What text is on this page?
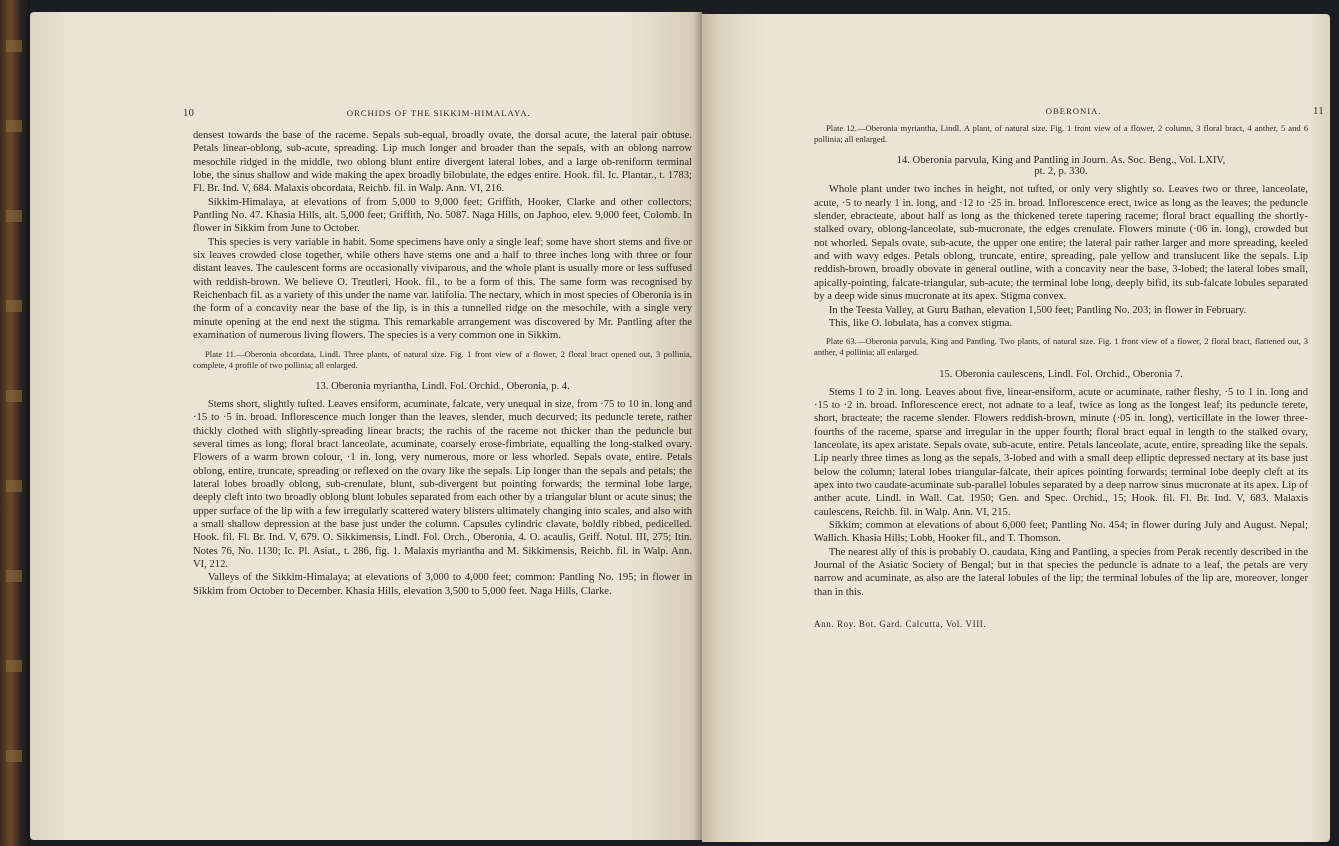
10	ORCHIDS OF THE SIKKIM-HIMALAYA.

densest towards the base of the raceme. Sepals sub-equal, broadly ovate, the dorsal acute, the lateral pair obtuse. Petals linear-oblong, sub-acute, spreading. Lip much longer and broader than the sepals, with an oblong narrow mesochile ridged in the middle, two oblong blunt entire divergent lateral lobes, and a large ob-reniform terminal lobe, the sinus shallow and wide making the apex broadly bilobulate, the edges entire. Hook. fil. Ic. Plantar., t. 1783; Fl. Br. Ind. V, 684. Malaxis obcordata, Reichb. fil. in Walp. Ann. VI, 216.

Sikkim-Himalaya, at elevations of from 5,000 to 9,000 feet; Griffith, Hooker, Clarke and other collectors; Pantling No. 47. Khasia Hills, alt. 5,000 feet; Griffith, No. 5087. Naga Hills, on Japhoo, elev. 9,000 feet, Colomb. In flower in Sikkim from June to October.

This species is very variable in habit. Some specimens have only a single leaf; some have short stems and five or six leaves crowded close together, while others have stems one and a half to three inches long with three or four distant leaves. The caulescent forms are occasionally viviparous, and the whole plant is usually more or less suffused with reddish-brown. We believe O. Treutleri, Hook. fil., to be a form of this. The same form was recognised by Reichenbach fil. as a variety of this under the name var. latifolia. The nectary, which in most species of Oberonia is in the form of a concavity near the base of the lip, is in this a tunnelled ridge on the mesochile, with a single very minute opening at the end next the stigma. This remarkable arrangement was discovered by Mr. Pantling after the examination of numerous living flowers. The species is a very common one in Sikkim.

Plate 11.—Oberonia obcordata, Lindl. Three plants, of natural size. Fig. 1 front view of a flower, 2 floral bract opened out, 3 pollinia, complete, 4 profile of two pollinia; all enlarged.

13. Oberonia myriantha, Lindl. Fol. Orchid., Oberonia, p. 4.

Stems short, slightly tufted. Leaves ensiform, acuminate, falcate, very unequal in size, from ·75 to 10 in. long and ·15 to ·5 in. broad. Inflorescence much longer than the leaves, slender, much decurved; its peduncle terete, rather thickly clothed with slightly-spreading linear bracts; the rachis of the raceme not thicker than the peduncle but several times as long; floral bract lanceolate, acuminate, coarsely erose-fimbriate, equalling the long-stalked ovary. Flowers of a warm brown colour, ·1 in. long, very numerous, more or less whorled. Sepals ovate, entire. Petals oblong, entire, truncate, spreading or reflexed on the ovary like the sepals. Lip longer than the sepals and petals; the lateral lobes broadly oblong, sub-crenulate, blunt, sub-divergent but pointing forwards; the terminal lobe large, deeply cleft into two broadly oblong blunt lobules separated from each other by a triangular blunt or acute sinus; the upper surface of the lip with a few irregularly scattered watery blisters ultimately changing into scales, and also with a small shallow depression at the base just under the column. Capsules cylindric clavate, boldly ribbed, pedicelled. Hook. fil. Fl. Br. Ind. V, 679. O. Sikkimensis, Lindl. Fol. Orch., Oberonia, 4. O. acaulis, Griff. Notul. III, 275; Itin. Notes 76, No. 1130; Ic. Pl. Asiat., t. 286, fig. 1. Malaxis myriantha and M. Sikkimensis, Reichb. fil. in Walp. Ann. VI, 212.

Valleys of the Sikkim-Himalaya; at elevations of 3,000 to 4,000 feet; common: Pantling No. 195; in flower in Sikkim from October to December. Khasia Hills, elevation 3,500 to 5,000 feet. Naga Hills, Clarke.

OBERONIA.	11

Plate 12.—Oberonia myriantha, Lindl. A plant, of natural size. Fig. 1 front view of a flower, 2 column, 3 floral bract, 4 anther, 5 and 6 pollinia; all enlarged.

14. Oberonia parvula, King and Pantling in Journ. As. Soc. Beng., Vol. LXIV,

pt. 2, p. 330.

Whole plant under two inches in height, not tufted, or only very slightly so. Leaves two or three, lanceolate, acute, ·5 to nearly 1 in. long, and ·12 to ·25 in. broad. Inflorescence erect, twice as long as the leaves; the peduncle slender, ebracteate, about half as long as the thickened terete tapering raceme; floral bract equalling the shortly-stalked ovary, oblong-lanceolate, sub-mucronate, the edges crenulate. Flowers minute (·06 in. long), crowded but not whorled. Sepals ovate, sub-acute, the upper one entire; the lateral pair rather larger and more spreading, keeled and with wavy edges. Petals oblong, truncate, entire, spreading, pale yellow and translucent like the sepals. Lip reddish-brown, broadly obovate in general outline, with a concavity near the base, 3-lobed; the lateral lobes small, apically-pointing, falcate-triangular, sub-acute; the terminal lobe long, deeply bifid, its sub-falcate lobules separated by a deep wide sinus mucronate at its apex. Stigma convex.

In the Teesta Valley, at Guru Bathan, elevation 1,500 feet; Pantling No. 203; in flower in February.

This, like O. lobulata, has a convex stigma.

Plate 63.—Oberonia parvula, King and Pantling. Two plants, of natural size. Fig. 1 front view of a flower, 2 floral bract, flattened out, 3 anther, 4 pollinia; all enlarged.

15. Oberonia caulescens, Lindl. Fol. Orchid., Oberonia 7.

Stems 1 to 2 in. long. Leaves about five, linear-ensiform, acute or acuminate, rather fleshy, ·5 to 1 in. long and ·15 to ·2 in. broad. Inflorescence erect, not adnate to a leaf, twice as long as the longest leaf; its peduncle terete, short, bracteate; the raceme slender. Flowers reddish-brown, minute (·05 in. long), verticillate in the lower three-fourths of the raceme, sparse and irregular in the upper fourth; floral bract equal in length to the stalked ovary, lanceolate, its apex aristate. Sepals ovate, sub-acute, entire. Petals lanceolate, acute, entire, spreading like the sepals. Lip nearly three times as long as the sepals, 3-lobed and with a small deep elliptic depressed nectary at its base just below the column; lateral lobes triangular-falcate, their apices pointing forwards; terminal lobe deeply cleft at its apex into two caudate-acuminate sub-parallel lobules separated by a deep narrow sinus mucronate at its apex. Lip of anther acute. Lindl. in Wall. Cat. 1950; Gen. and Spec. Orchid., 15; Hook. fil. Fl. Br. Ind. V, 683. Malaxis caulescens, Reichb. fil. in Walp. Ann. VI, 215.

Sikkim; common at elevations of about 6,000 feet; Pantling No. 454; in flower during July and August. Nepal; Wallich. Khasia Hills; Lobb, Hooker fil., and T. Thomson.

The nearest ally of this is probably O. caudata, King and Pantling, a species from Perak recently described in the Journal of the Asiatic Society of Bengal; but in that species the peduncle is adnate to a leaf, the petals are very narrow and acuminate, as also are the lateral lobules of the lip; the terminal lobules of the lip are, moreover, longer than in this.

Ann. Roy. Bot. Gard. Calcutta, Vol. VIII.
